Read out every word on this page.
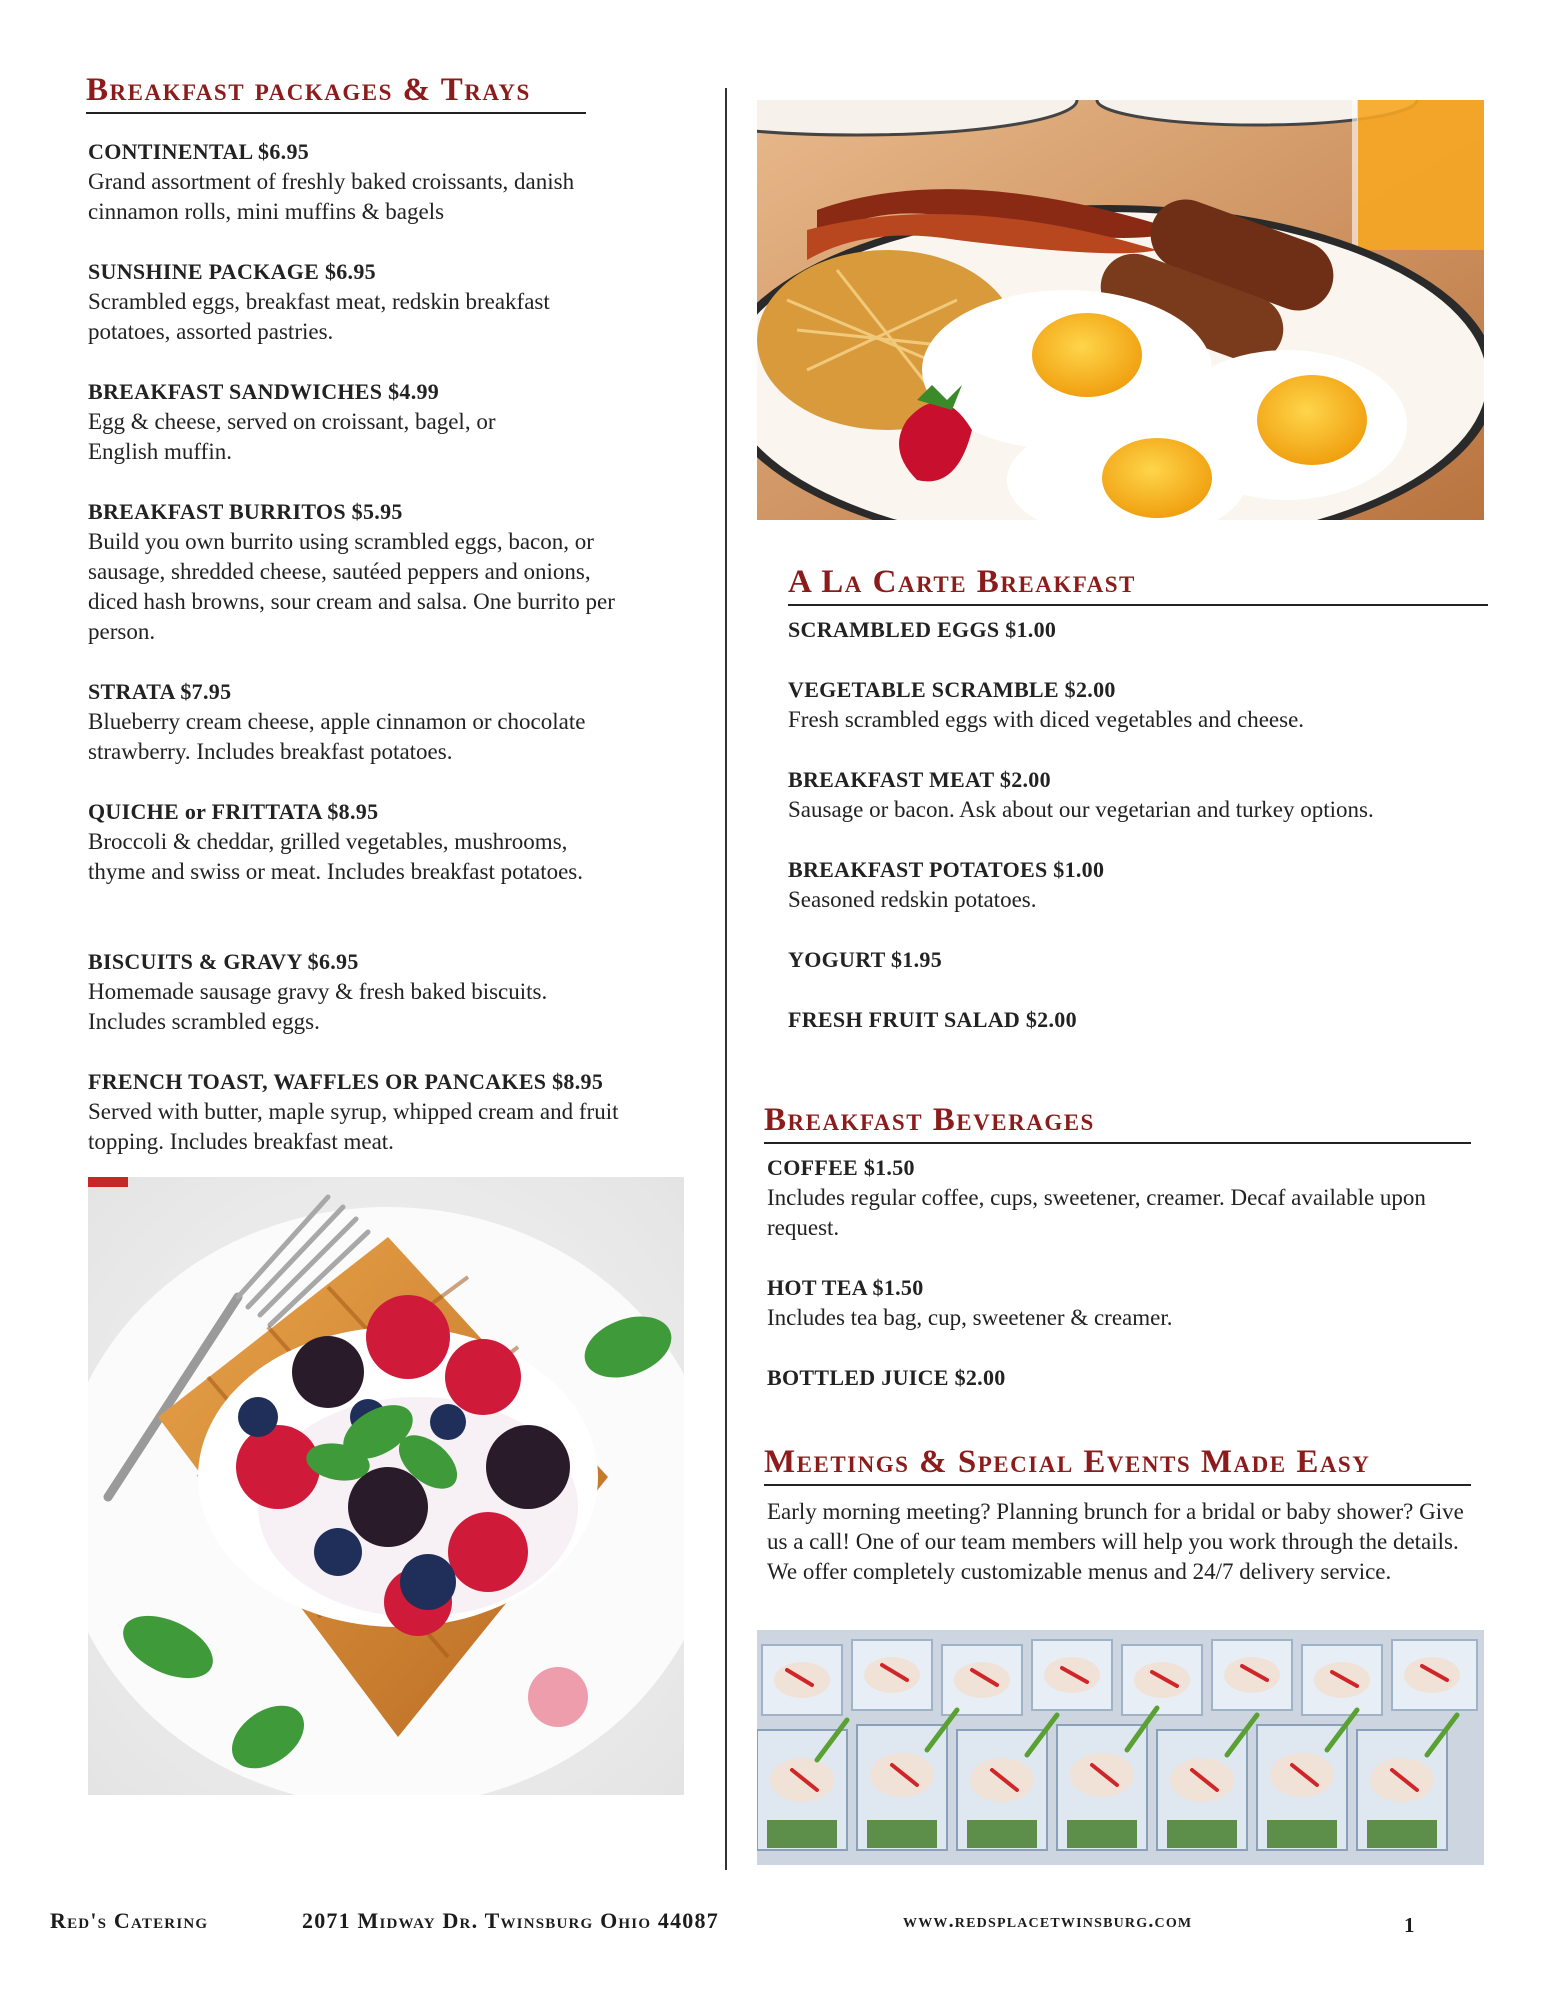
Breakfast packages & Trays
CONTINENTAL $6.95
Grand assortment of freshly baked croissants, danish cinnamon rolls, mini muffins & bagels
SUNSHINE PACKAGE $6.95
Scrambled eggs, breakfast meat, redskin breakfast potatoes, assorted pastries.
BREAKFAST SANDWICHES $4.99
Egg & cheese, served on croissant, bagel, or English muffin.
BREAKFAST BURRITOS $5.95
Build you own burrito using scrambled eggs, bacon, or sausage, shredded cheese, sautéed peppers and onions, diced hash browns, sour cream and salsa. One burrito per person.
STRATA $7.95
Blueberry cream cheese, apple cinnamon or chocolate strawberry. Includes breakfast potatoes.
QUICHE or FRITTATA $8.95
Broccoli & cheddar, grilled vegetables, mushrooms, thyme and swiss or meat. Includes breakfast potatoes.
BISCUITS & GRAVY $6.95
Homemade sausage gravy & fresh baked biscuits. Includes scrambled eggs.
FRENCH TOAST, WAFFLES OR PANCAKES $8.95
Served with butter, maple syrup, whipped cream and fruit topping. Includes breakfast meat.
A La Carte Breakfast
SCRAMBLED EGGS $1.00
VEGETABLE SCRAMBLE $2.00
Fresh scrambled eggs with diced vegetables and cheese.
BREAKFAST MEAT $2.00
Sausage or bacon. Ask about our vegetarian and turkey options.
BREAKFAST POTATOES $1.00
Seasoned redskin potatoes.
YOGURT $1.95
FRESH FRUIT SALAD $2.00
Breakfast Beverages
COFFEE $1.50
Includes regular coffee, cups, sweetener, creamer. Decaf available upon request.
HOT TEA $1.50
Includes tea bag, cup, sweetener & creamer.
BOTTLED JUICE $2.00
Meetings & Special Events Made Easy

Early morning meeting? Planning brunch for a bridal or baby shower? Give us a call! One of our team members will help you work through the details. We offer completely customizable menus and 24/7 delivery service.

Red's Catering	2071 Midway Dr. Twinsburg Ohio 44087	www.redsplacetwinsburg.com	1
